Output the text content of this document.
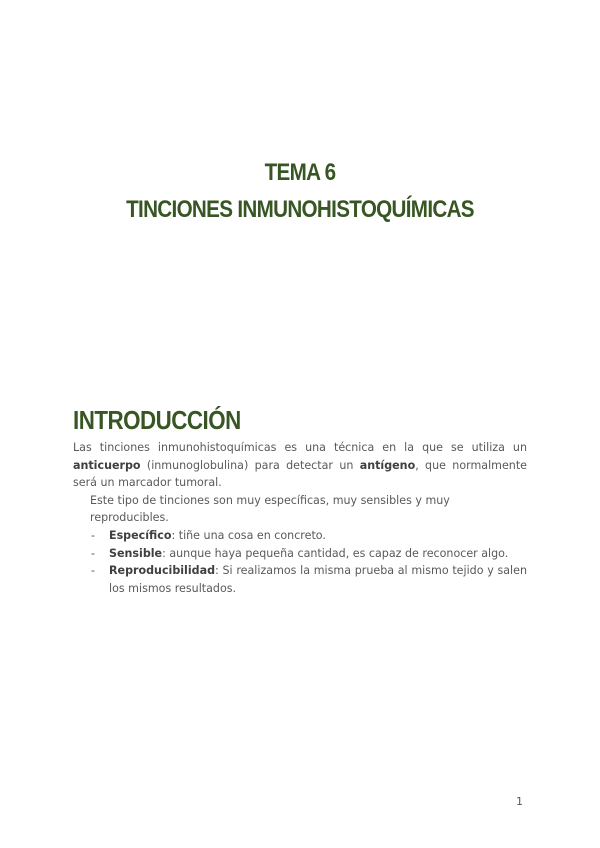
TEMA 6
TINCIONES INMUNOHISTOQUÍMICAS
INTRODUCCIÓN

Las tinciones inmunohistoquímicas es una técnica en la que se utiliza un anticuerpo (inmunoglobulina) para detectar un antígeno, que normalmente será un marcador tumoral.

Este tipo de tinciones son muy específicas, muy sensibles y muy reproducibles.

- Específico: tiñe una cosa en concreto.
- Sensible: aunque haya pequeña cantidad, es capaz de reconocer algo.
- Reproducibilidad: Si realizamos la misma prueba al mismo tejido y salen los mismos resultados.
1
